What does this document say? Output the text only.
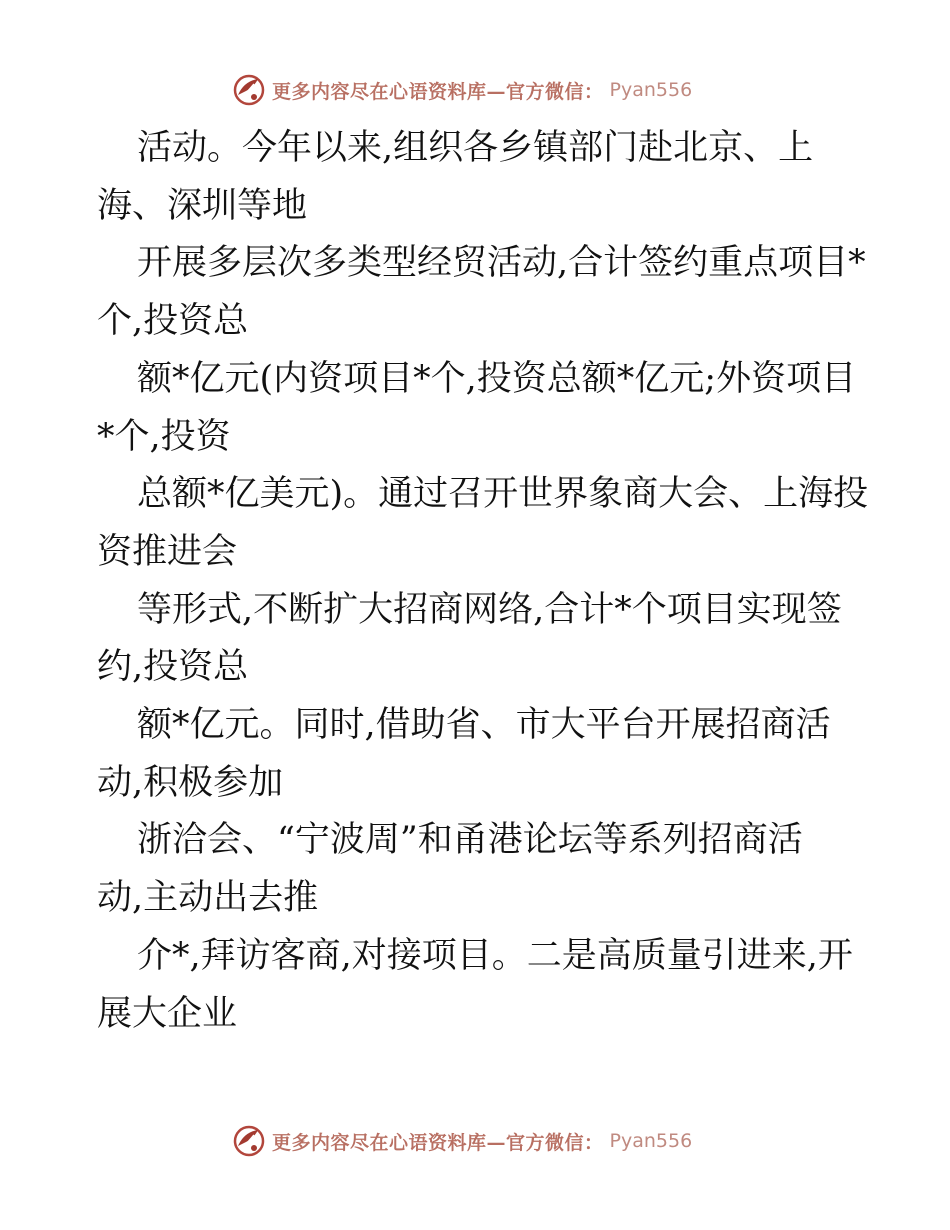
更多内容尽在心语资料库—官方微信： Pyan556

活动。今年以来,组织各乡镇部门赴北京、上

海、深圳等地

开展多层次多类型经贸活动,合计签约重点项目*

个,投资总

额*亿元(内资项目*个,投资总额*亿元;外资项目

*个,投资

总额*亿美元)。通过召开世界象商大会、上海投

资推进会

等形式,不断扩大招商网络,合计*个项目实现签

约,投资总

额*亿元。同时,借助省、市大平台开展招商活

动,积极参加

浙洽会、“宁波周”和甬港论坛等系列招商活

动,主动出去推

介*,拜访客商,对接项目。二是高质量引进来,开

展大企业

更多内容尽在心语资料库—官方微信： Pyan556
